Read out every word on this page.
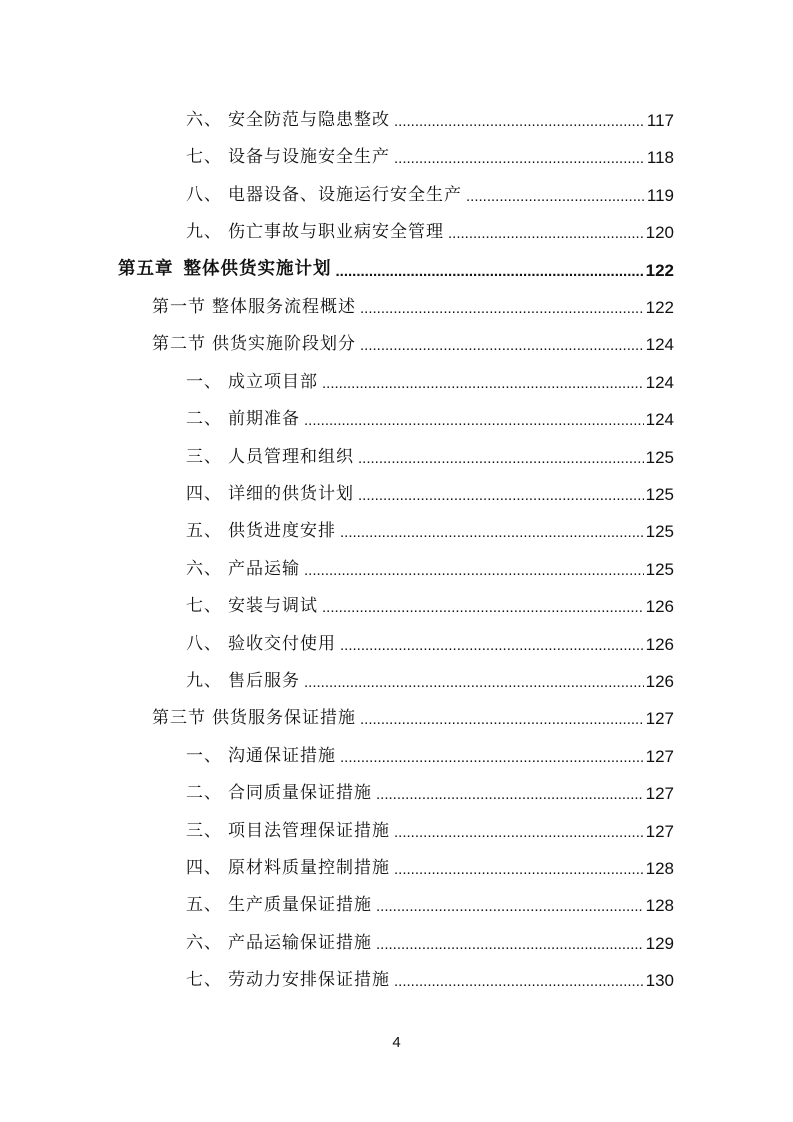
六、 安全防范与隐患整改 .....	117
七、 设备与设施安全生产 .....	118
八、 电器设备、设施运行安全生产 .....	119
九、 伤亡事故与职业病安全管理 .....	120
第五章 整体供货实施计划 .....	122
第一节 整体服务流程概述 .....	122
第二节 供货实施阶段划分 .....	124
一、 成立项目部 .....	124
二、 前期准备 .....	124
三、 人员管理和组织 .....	125
四、 详细的供货计划 .....	125
五、 供货进度安排 .....	125
六、 产品运输 .....	125
七、 安装与调试 .....	126
八、 验收交付使用 .....	126
九、 售后服务 .....	126
第三节 供货服务保证措施 .....	127
一、 沟通保证措施 .....	127
二、 合同质量保证措施 .....	127
三、 项目法管理保证措施 .....	127
四、 原材料质量控制措施 .....	128
五、 生产质量保证措施 .....	128
六、 产品运输保证措施 .....	129
七、 劳动力安排保证措施 .....	130
4
